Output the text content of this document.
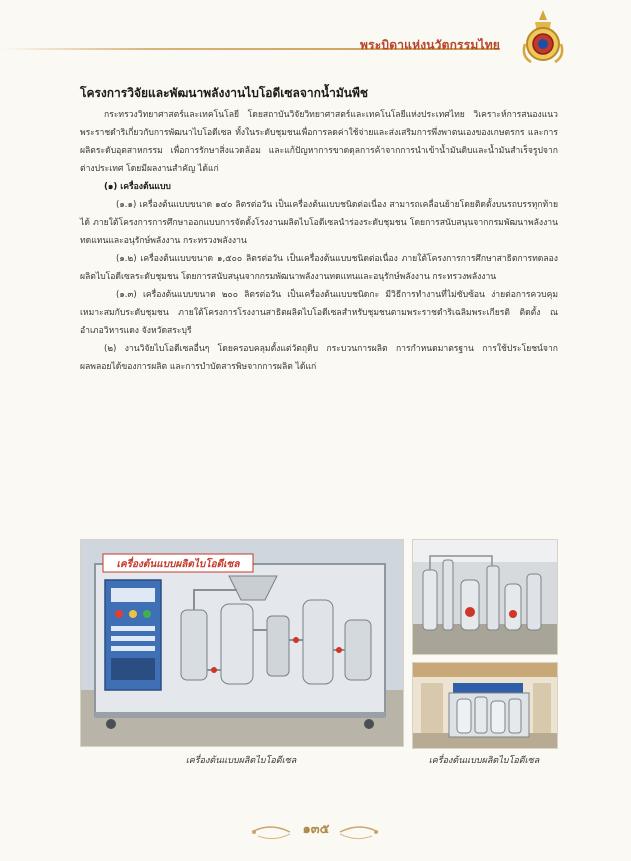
พระบิดาแห่งนวัตกรรมไทย
โครงการวิจัยและพัฒนาพลังงานไบโอดีเซลจากน้ำมันพืช

กระทรวงวิทยาศาสตร์และเทคโนโลยี โดยสถาบันวิจัยวิทยาศาสตร์และเทคโนโลยีแห่งประเทศไทย วิเคราะห์การสนองแนวพระราชดำริเกี่ยวกับการพัฒนาไบโอดีเซล ทั้งในระดับชุมชนเพื่อการลดค่าใช้จ่ายและส่งเสริมการพึ่งพาตนเองของเกษตรกร และการผลิตระดับอุตสาหกรรม เพื่อการรักษาสิ่งแวดล้อม และแก้ปัญหาการขาดดุลการค้าจากการนำเข้าน้ำมันดิบและน้ำมันสำเร็จรูปจากต่างประเทศ โดยมีผลงานสำคัญ ได้แก่

(๑) เครื่องต้นแบบ

(๑.๑) เครื่องต้นแบบขนาด ๑๔๐ ลิตรต่อวัน เป็นเครื่องต้นแบบชนิดต่อเนื่อง สามารถเคลื่อนย้ายโดยติดตั้งบนรถบรรทุกท้ายได้ ภายใต้โครงการการศึกษาออกแบบการจัดตั้งโรงงานผลิตไบโอดีเซลนำร่องระดับชุมชน โดยการสนับสนุนจากกรมพัฒนาพลังงานทดแทนและอนุรักษ์พลังงาน กระทรวงพลังงาน

(๑.๒) เครื่องต้นแบบขนาด ๑,๕๐๐ ลิตรต่อวัน เป็นเครื่องต้นแบบชนิดต่อเนื่อง ภายใต้โครงการการศึกษาสาธิตการทดลองผลิตไบโอดีเซลระดับชุมชน โดยการสนับสนุนจากกรมพัฒนาพลังงานทดแทนและอนุรักษ์พลังงาน กระทรวงพลังงาน

(๑.๓) เครื่องต้นแบบขนาด ๒๐๐ ลิตรต่อวัน เป็นเครื่องต้นแบบชนิดกะ มีวิธีการทำงานที่ไม่ซับซ้อน ง่ายต่อการควบคุม เหมาะสมกับระดับชุมชน ภายใต้โครงการโรงงานสาธิตผลิตไบโอดีเซลสำหรับชุมชนตามพระราชดำริเฉลิมพระเกียรติ ติดตั้ง ณ อำเภอวิหารแดง จังหวัดสระบุรี

(๒) งานวิจัยไบโอดีเซลอื่นๆ โดยครอบคลุมตั้งแต่วัตถุดิบ กระบวนการผลิต การกำหนดมาตรฐาน การใช้ประโยชน์จากผลพลอยได้ของการผลิต และการบำบัดสารพิษจากการผลิต ได้แก่

เครื่องต้นแบบผลิตไบโอดีเซล
เครื่องต้นแบบผลิตไบโอดีเซล	เครื่องต้นแบบผลิตไบโอดีเซล
๑๓๕
